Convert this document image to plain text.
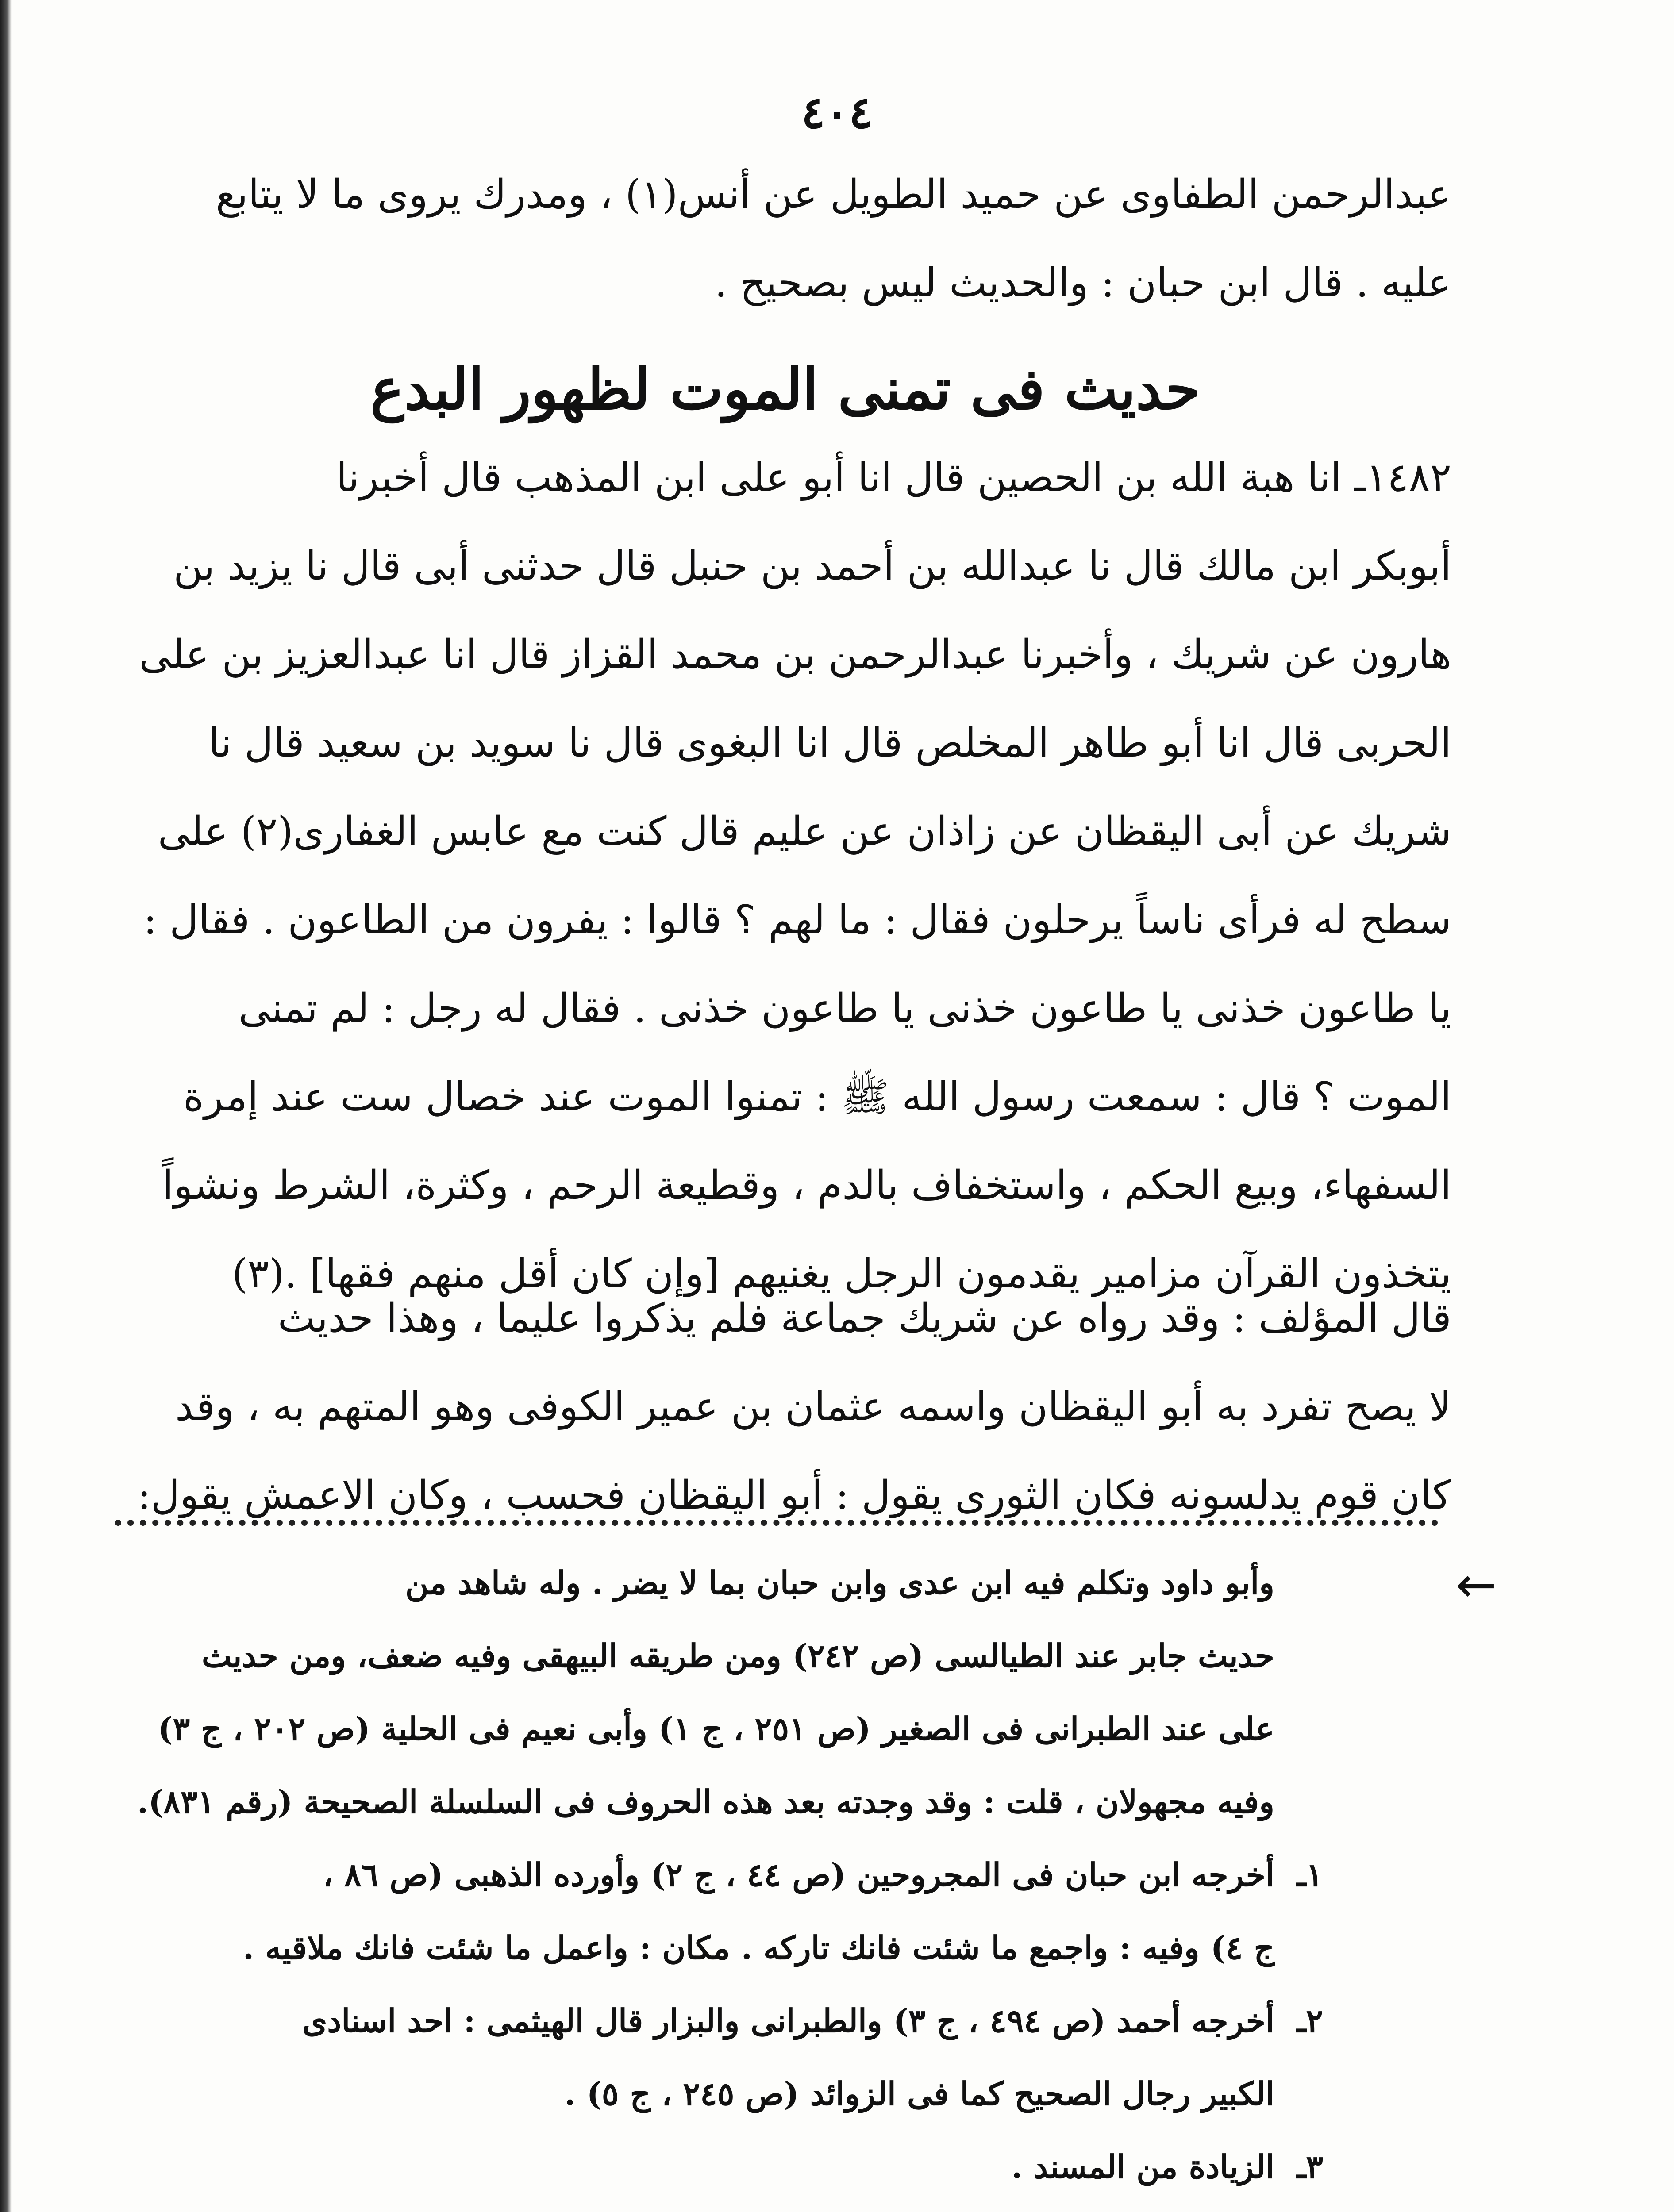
٤٠٤
عبدالرحمن الطفاوى عن حميد الطويل عن أنس(١) ، ومدرك يروى ما لا يتابع
عليه . قال ابن حبان : والحديث ليس بصحيح .
حديث فى تمنى الموت لظهور البدع
١٤٨٢ـ انا هبة الله بن الحصين قال انا أبو على ابن المذهب قال أخبرنا
أبوبكر ابن مالك قال نا عبدالله بن أحمد بن حنبل قال حدثنى أبى قال نا يزيد بن
هارون عن شريك ، وأخبرنا عبدالرحمن بن محمد القزاز قال انا عبدالعزيز بن على
الحربى قال انا أبو طاهر المخلص قال انا البغوى قال نا سويد بن سعيد قال نا
شريك عن أبى اليقظان عن زاذان عن عليم قال كنت مع عابس الغفارى(٢) على
سطح له فرأى ناساً يرحلون فقال : ما لهم ؟ قالوا : يفرون من الطاعون . فقال :
يا طاعون خذنى يا طاعون خذنى يا طاعون خذنى . فقال له رجل : لم تمنى
الموت ؟ قال : سمعت رسول الله ﷺ : تمنوا الموت عند خصال ست عند إمرة
السفهاء، وبيع الحكم ، واستخفاف بالدم ، وقطيعة الرحم ، وكثرة، الشرط ونشواً
يتخذون القرآن مزامير يقدمون الرجل يغنيهم [وإن كان أقل منهم فقها] .(٣)
قال المؤلف : وقد رواه عن شريك جماعة فلم يذكروا عليما ، وهذا حديث
لا يصح تفرد به أبو اليقظان واسمه عثمان بن عمير الكوفى وهو المتهم به ، وقد
كان قوم يدلسونه فكان الثورى يقول : أبو اليقظان فحسب ، وكان الاعمش يقول:
←
وأبو داود وتكلم فيه ابن عدى وابن حبان بما لا يضر . وله شاهد من
حديث جابر عند الطيالسى (ص ٢٤٢) ومن طريقه البيهقى وفيه ضعف، ومن حديث
على عند الطبرانى فى الصغير (ص ٢٥١ ، ج ١) وأبى نعيم فى الحلية (ص ٢٠٢ ، ج ٣)
وفيه مجهولان ، قلت : وقد وجدته بعد هذه الحروف فى السلسلة الصحيحة (رقم ٨٣١).
١ـأخرجه ابن حبان فى المجروحين (ص ٤٤ ، ج ٢) وأورده الذهبى (ص ٨٦ ،
ج ٤) وفيه : واجمع ما شئت فانك تاركه . مكان : واعمل ما شئت فانك ملاقيه .
٢ـأخرجه أحمد (ص ٤٩٤ ، ج ٣) والطبرانى والبزار قال الهيثمى : احد اسنادى
الكبير رجال الصحيح كما فى الزوائد (ص ٢٤٥ ، ج ٥) .
٣ـالزيادة من المسند .
